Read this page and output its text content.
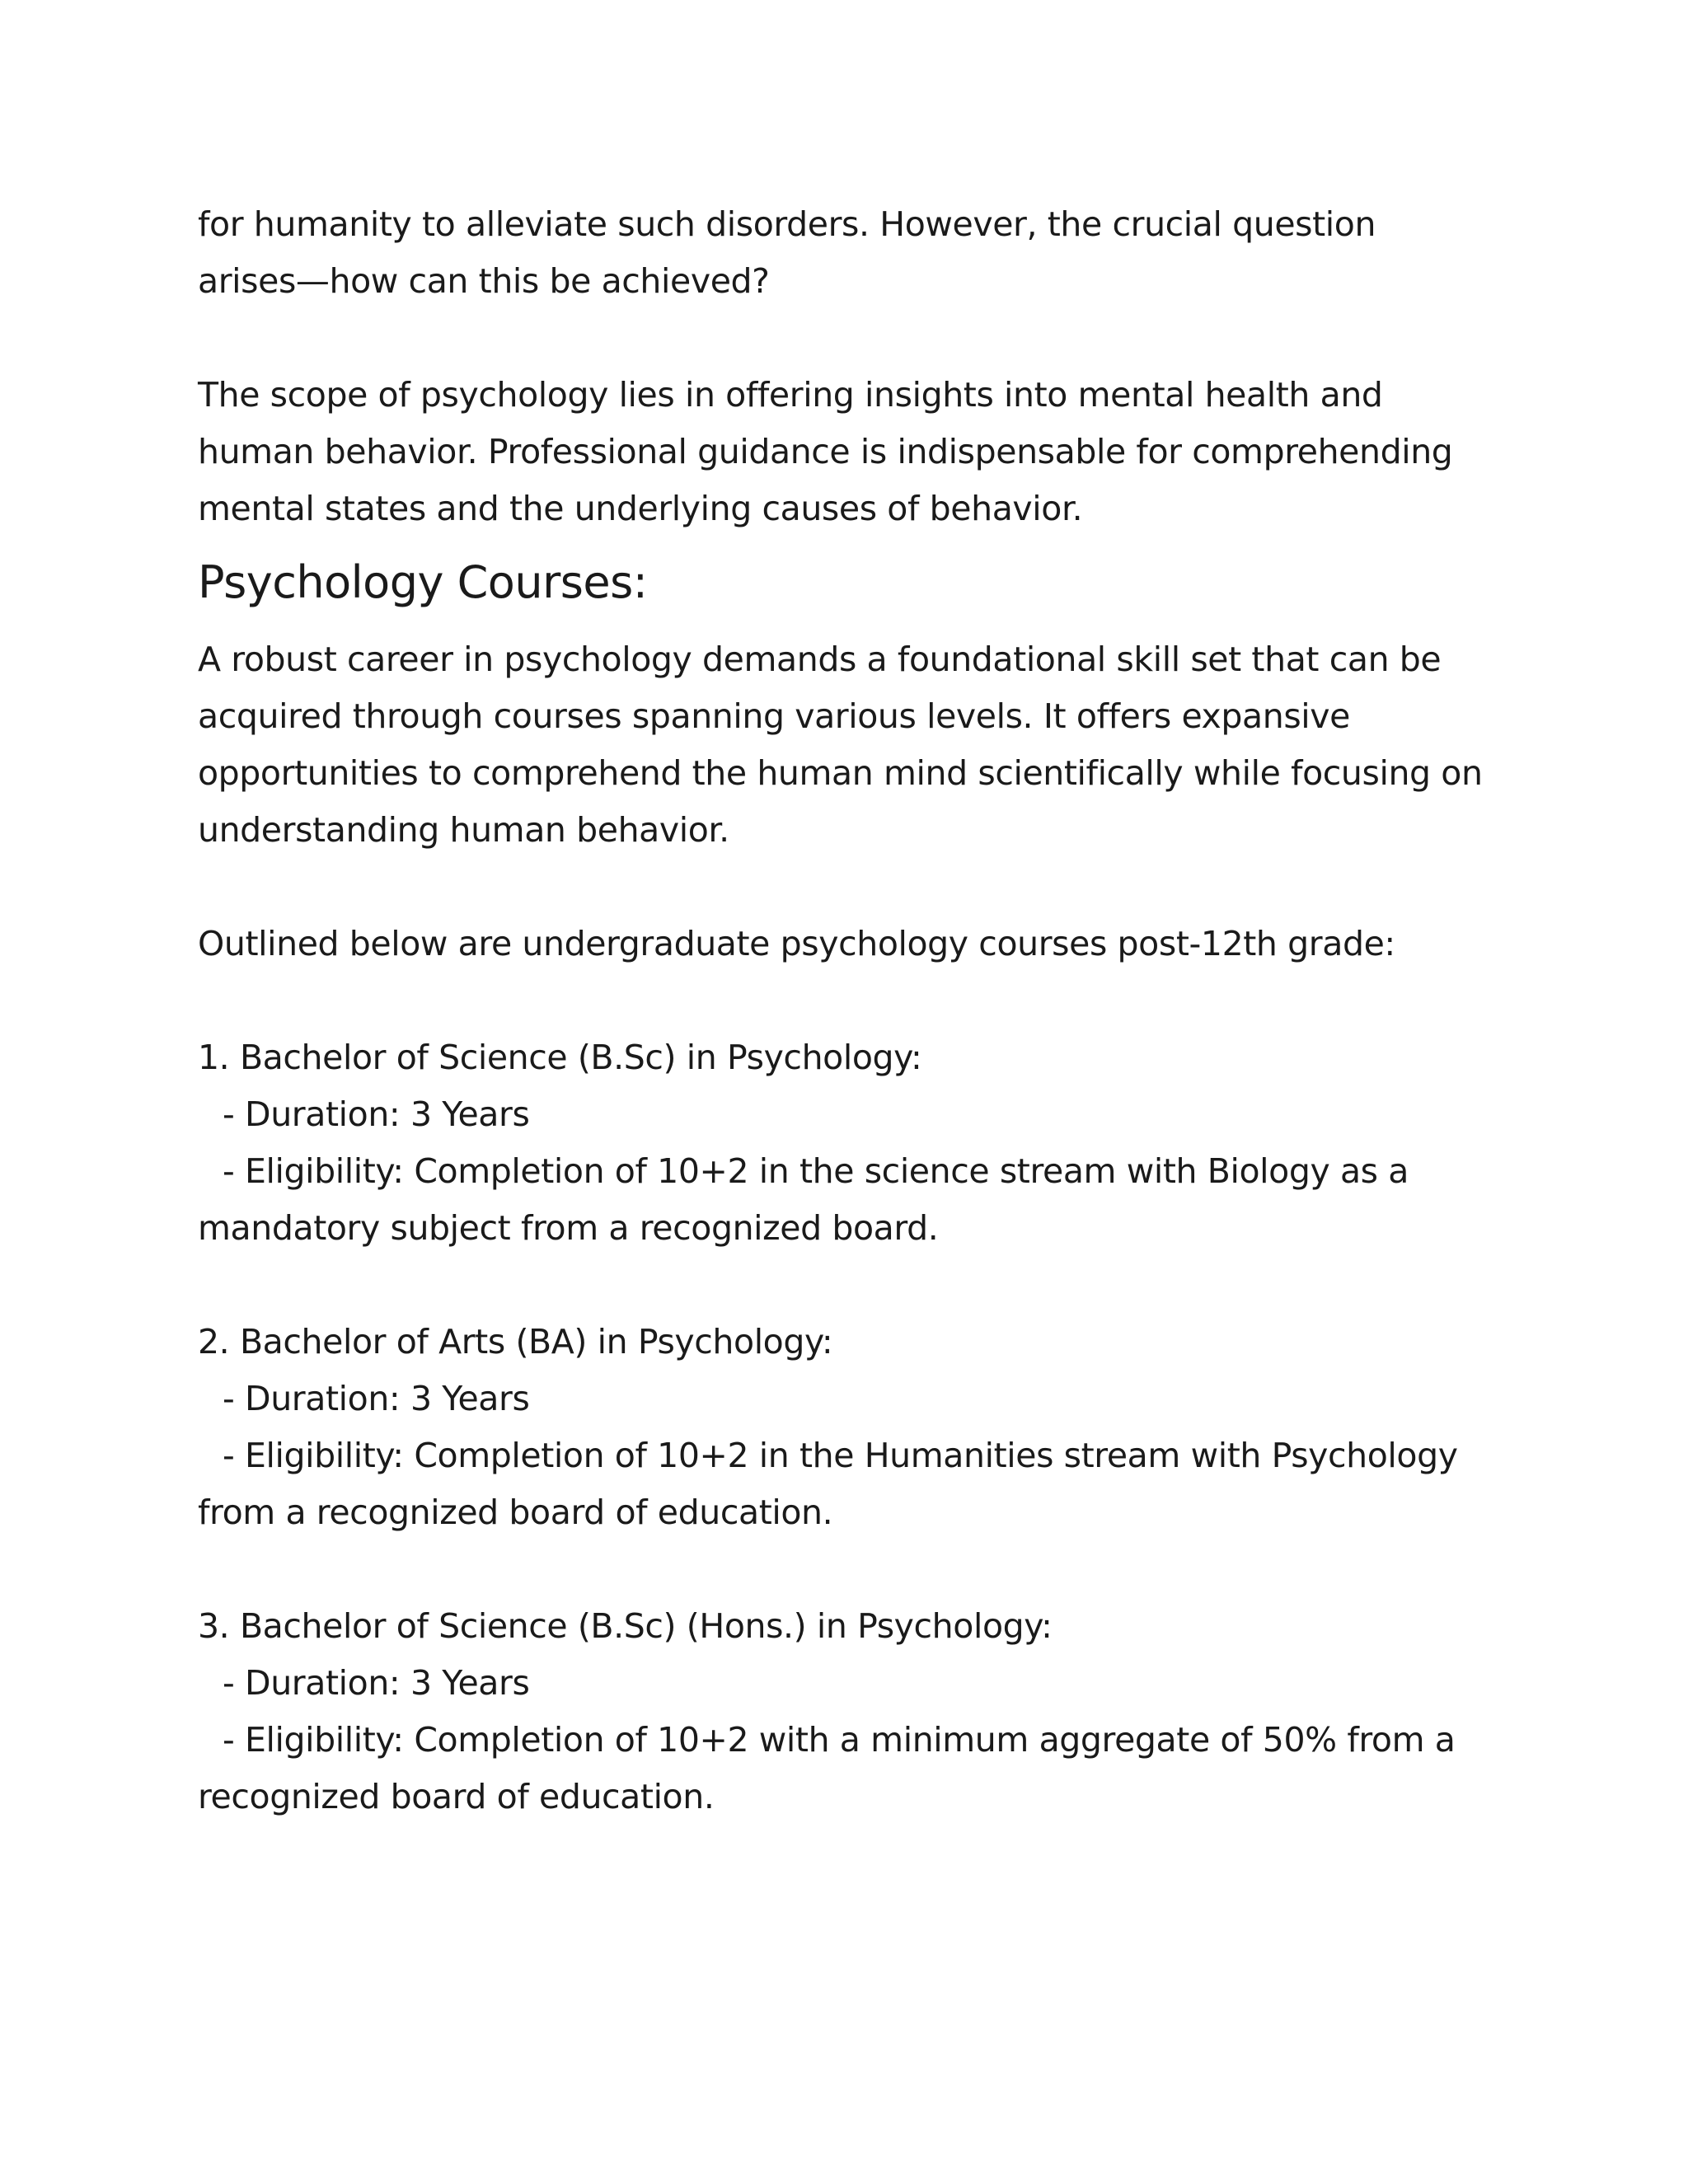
for humanity to alleviate such disorders. However, the crucial question
arises—how can this be achieved?
The scope of psychology lies in offering insights into mental health and
human behavior. Professional guidance is indispensable for comprehending
mental states and the underlying causes of behavior.
Psychology Courses:
A robust career in psychology demands a foundational skill set that can be
acquired through courses spanning various levels. It offers expansive
opportunities to comprehend the human mind scientifically while focusing on
understanding human behavior.
Outlined below are undergraduate psychology courses post-12th grade:
1. Bachelor of Science (B.Sc) in Psychology:
- Duration: 3 Years
- Eligibility: Completion of 10+2 in the science stream with Biology as a
mandatory subject from a recognized board.
2. Bachelor of Arts (BA) in Psychology:
- Duration: 3 Years
- Eligibility: Completion of 10+2 in the Humanities stream with Psychology
from a recognized board of education.
3. Bachelor of Science (B.Sc) (Hons.) in Psychology:
- Duration: 3 Years
- Eligibility: Completion of 10+2 with a minimum aggregate of 50% from a
recognized board of education.
